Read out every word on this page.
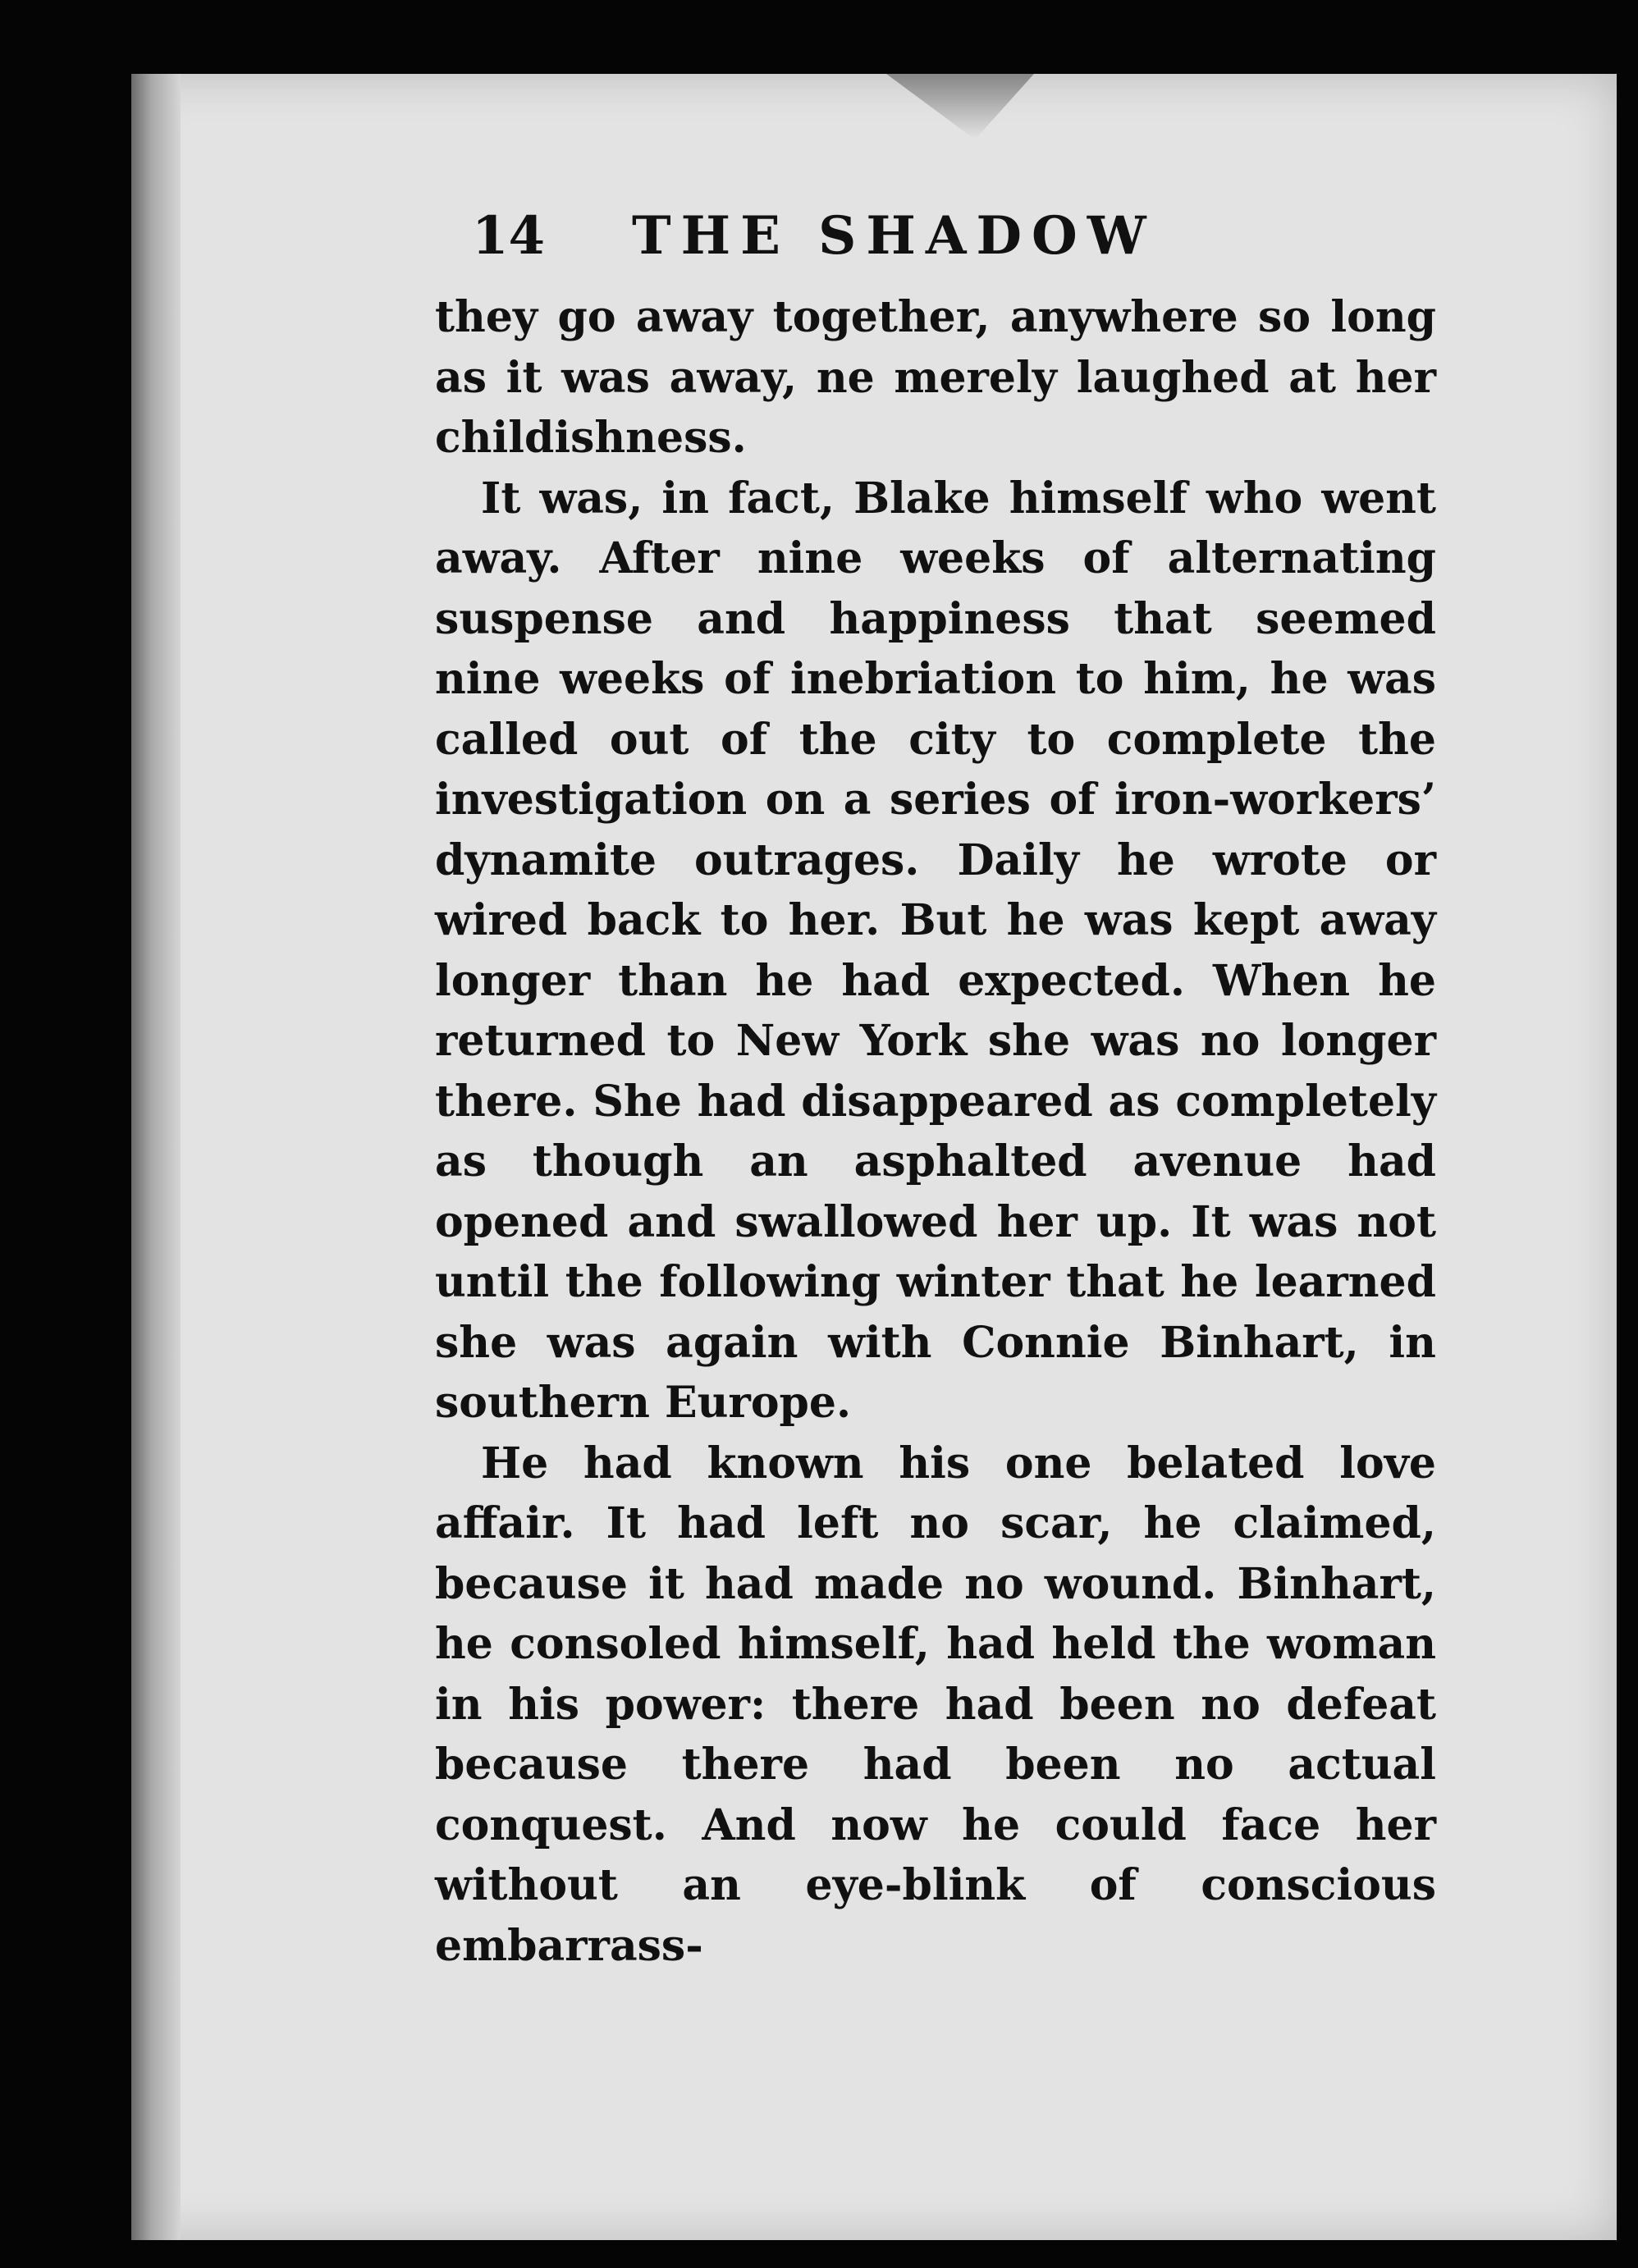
14 THE SHADOW

they go away together, anywhere so long as it was away, ne merely laughed at her childishness.

It was, in fact, Blake himself who went away. After nine weeks of alternating suspense and happiness that seemed nine weeks of inebriation to him, he was called out of the city to complete the investigation on a series of iron-workers’ dynamite outrages. Daily he wrote or wired back to her. But he was kept away longer than he had expected. When he returned to New York she was no longer there. She had disappeared as completely as though an asphalted avenue had opened and swallowed her up. It was not until the following winter that he learned she was again with Connie Binhart, in southern Europe.

He had known his one belated love affair. It had left no scar, he claimed, because it had made no wound. Binhart, he consoled himself, had held the woman in his power: there had been no defeat because there had been no actual conquest. And now he could face her without an eye-blink of conscious embarrass-
